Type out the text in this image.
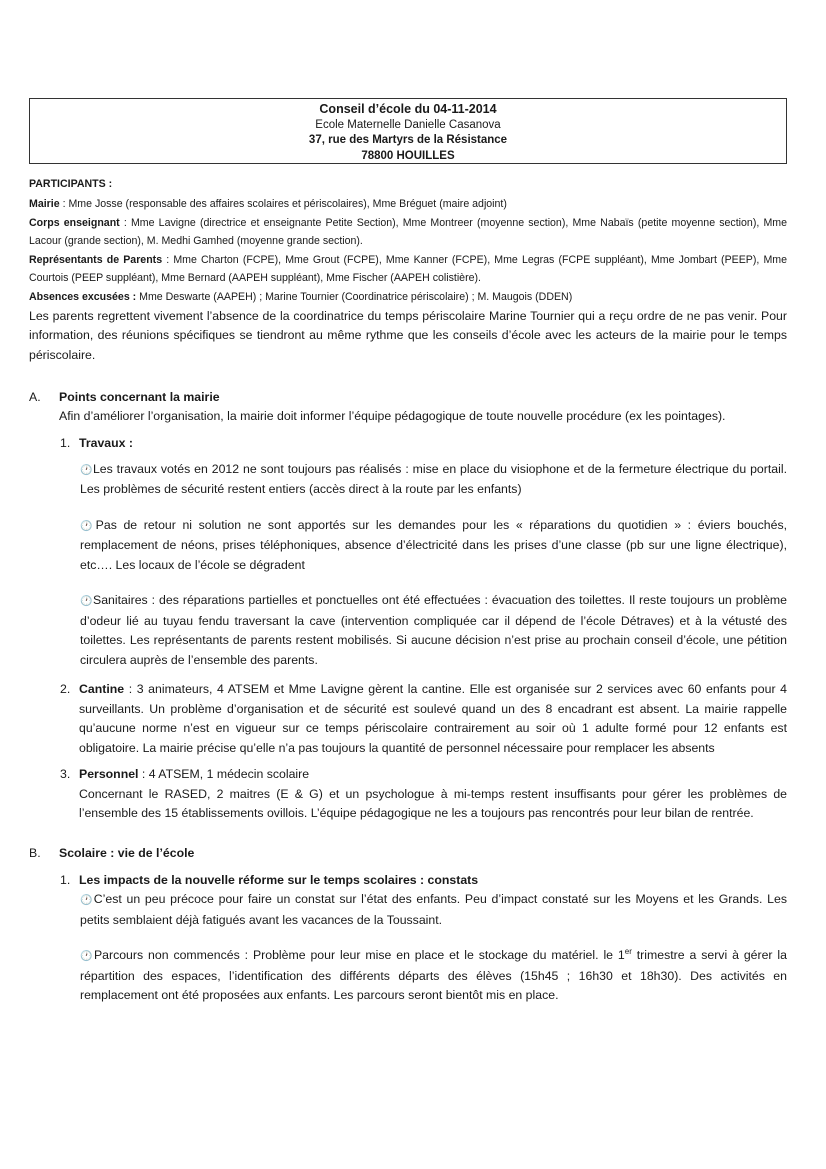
Conseil d’école du 04-11-2014
Ecole Maternelle Danielle Casanova
37, rue des Martyrs de la Résistance
78800 HOUILLES

PARTICIPANTS :

Mairie : Mme Josse (responsable des affaires scolaires et périscolaires), Mme Bréguet (maire adjoint)

Corps enseignant : Mme Lavigne (directrice et enseignante Petite Section), Mme Montreer (moyenne section), Mme Nabaïs (petite moyenne section), Mme Lacour (grande section), M. Medhi Gamhed (moyenne grande section).

Représentants de Parents : Mme Charton (FCPE), Mme Grout (FCPE), Mme Kanner (FCPE), Mme Legras (FCPE suppléant), Mme Jombart (PEEP), Mme Courtois (PEEP suppléant), Mme Bernard (AAPEH suppléant), Mme Fischer (AAPEH colistière).

Absences excusées : Mme Deswarte (AAPEH) ; Marine Tournier (Coordinatrice périscolaire) ; M. Maugois (DDEN)

Les parents regrettent vivement l’absence de la coordinatrice du temps périscolaire Marine Tournier qui a reçu ordre de ne pas venir. Pour information, des réunions spécifiques se tiendront au même rythme que les conseils d’école avec les acteurs de la mairie pour le temps périscolaire.

A. Points concernant la mairie
Afin d’améliorer l’organisation, la mairie doit informer l’équipe pédagogique de toute nouvelle procédure (ex les pointages).
1. Travaux :
🕐Les travaux votés en 2012 ne sont toujours pas réalisés : mise en place du visiophone et de la fermeture électrique du portail. Les problèmes de sécurité restent entiers (accès direct à la route par les enfants)
🕐Pas de retour ni solution ne sont apportés sur les demandes pour les « réparations du quotidien » : éviers bouchés, remplacement de néons, prises téléphoniques, absence d’électricité dans les prises d’une classe (pb sur une ligne électrique), etc…. Les locaux de l’école se dégradent
🕐Sanitaires : des réparations partielles et ponctuelles ont été effectuées : évacuation des toilettes. Il reste toujours un problème d’odeur lié au tuyau fendu traversant la cave (intervention compliquée car il dépend de l’école Détraves) et à la vétusté des toilettes. Les représentants de parents restent mobilisés. Si aucune décision n’est prise au prochain conseil d’école, une pétition circulera auprès de l’ensemble des parents.
2. Cantine : 3 animateurs, 4 ATSEM et Mme Lavigne gèrent la cantine. Elle est organisée sur 2 services avec 60 enfants pour 4 surveillants. Un problème d’organisation et de sécurité est soulevé quand un des 8 encadrant est absent. La mairie rappelle qu’aucune norme n’est en vigueur sur ce temps périscolaire contrairement au soir où 1 adulte formé pour 12 enfants est obligatoire. La mairie précise qu’elle n’a pas toujours la quantité de personnel nécessaire pour remplacer les absents
3. Personnel : 4 ATSEM, 1 médecin scolaire
Concernant le RASED, 2 maitres (E & G) et un psychologue à mi-temps restent insuffisants pour gérer les problèmes de l’ensemble des 15 établissements ovillois. L’équipe pédagogique ne les a toujours pas rencontrés pour leur bilan de rentrée.
B. Scolaire : vie de l’école
1. Les impacts de la nouvelle réforme sur le temps scolaires : constats
🕐C’est un peu précoce pour faire un constat sur l’état des enfants. Peu d’impact constaté sur les Moyens et les Grands. Les petits semblaient déjà fatigués avant les vacances de la Toussaint.
🕐Parcours non commencés : Problème pour leur mise en place et le stockage du matériel. le 1er trimestre a servi à gérer la répartition des espaces, l’identification des différents départs des élèves (15h45 ; 16h30 et 18h30). Des activités en remplacement ont été proposées aux enfants. Les parcours seront bientôt mis en place.
